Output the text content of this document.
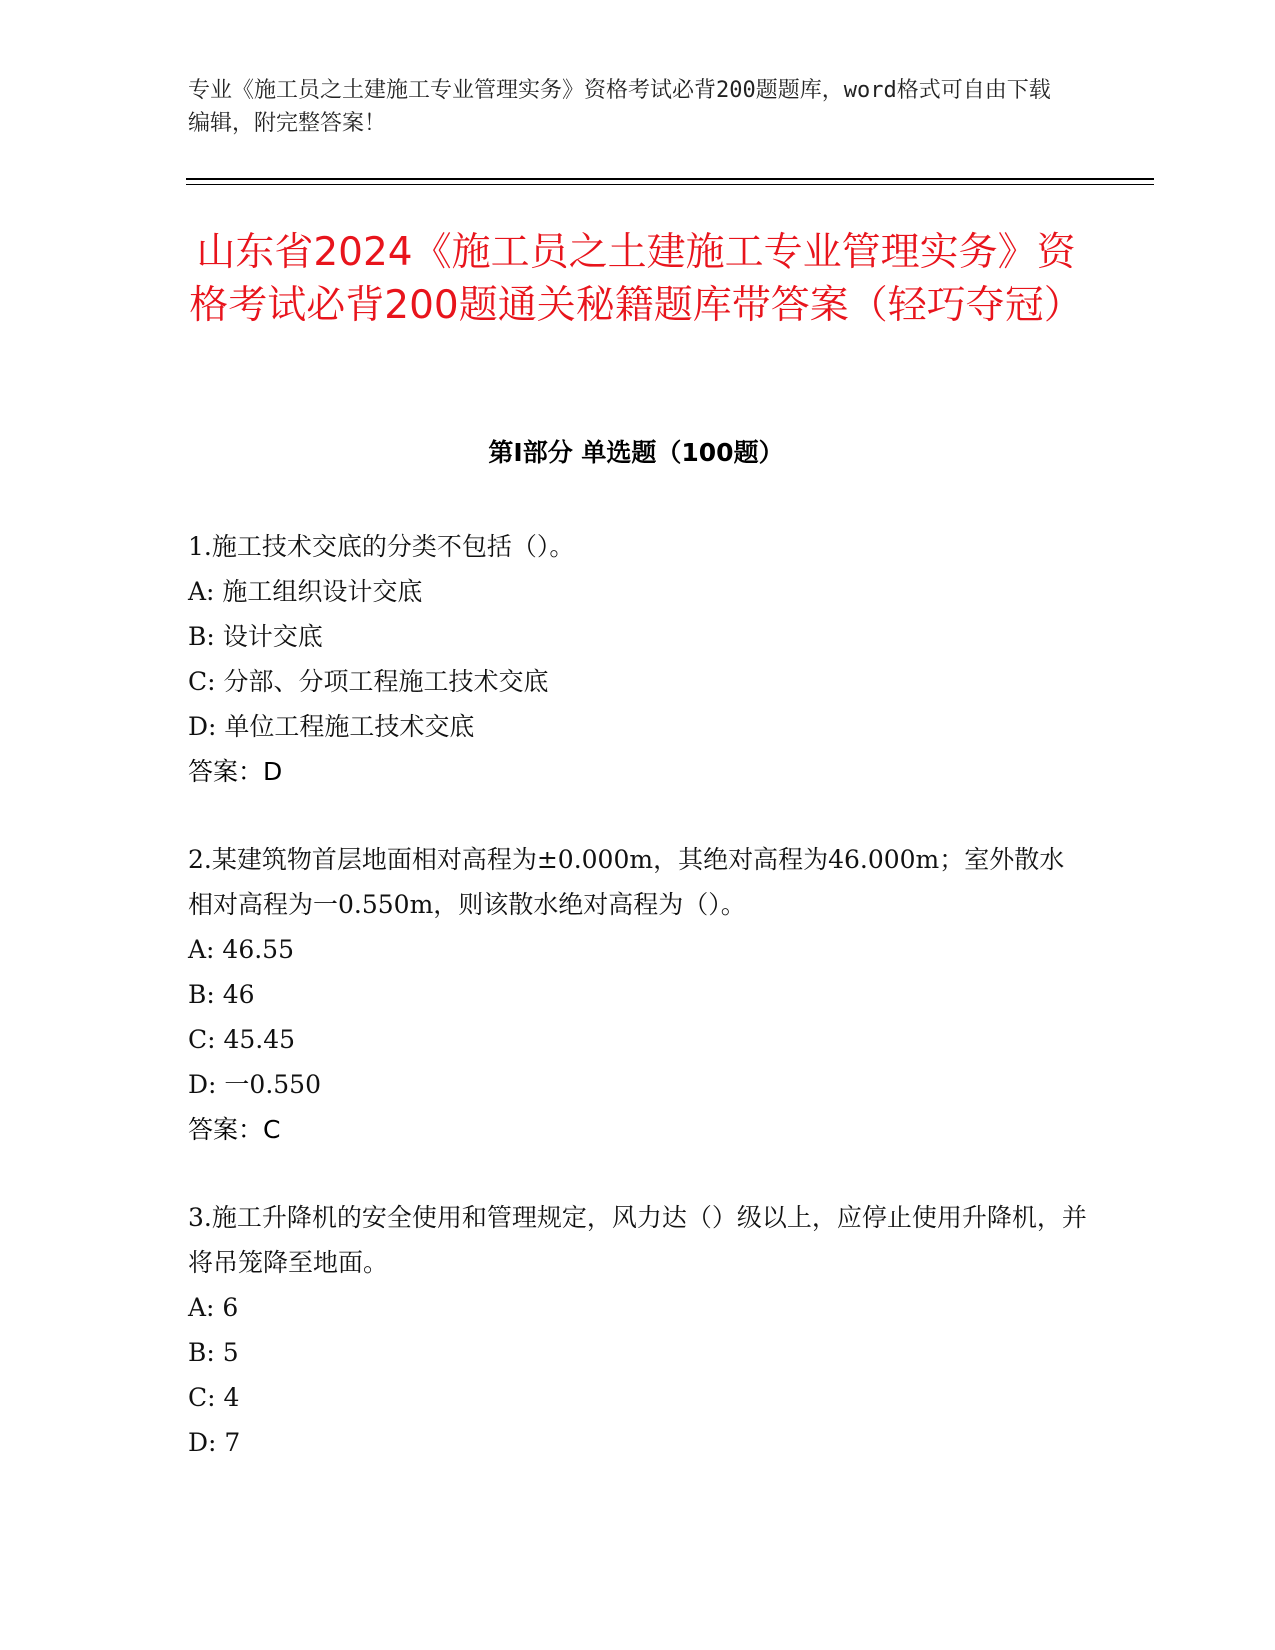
专业《施工员之土建施工专业管理实务》资格考试必背200题题库，word格式可自由下载编辑，附完整答案！
山东省2024《施工员之土建施工专业管理实务》资格考试必背200题通关秘籍题库带答案（轻巧夺冠）
第Ⅰ部分 单选题（100题）

1.施工技术交底的分类不包括（）。

A: 施工组织设计交底

B: 设计交底

C: 分部、分项工程施工技术交底

D: 单位工程施工技术交底

答案：D

2.某建筑物首层地面相对高程为±0.000m，其绝对高程为46.000m；室外散水相对高程为一0.550m，则该散水绝对高程为（）。

A: 46.55

B: 46

C: 45.45

D: 一0.550

答案：C

3.施工升降机的安全使用和管理规定，风力达（）级以上，应停止使用升降机，并将吊笼降至地面。

A: 6

B: 5

C: 4

D: 7
